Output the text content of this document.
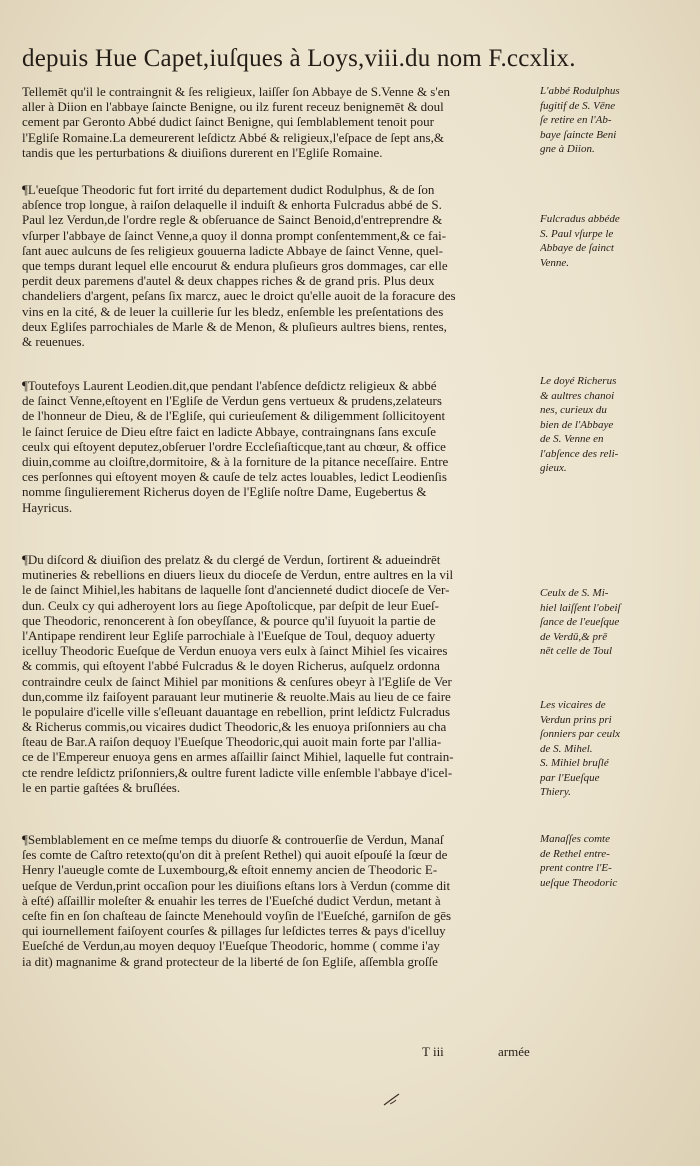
depuis Hue Capet,iuſques à Loys,viii.du nom F.ccxlix.
Tellemēt qu'il le contraingnit & ſes religieux, laiſſer ſon Abbaye de S.Venne & s'en
aller à Diion en l'abbaye ſaincte Benigne, ou ilz furent receuz benignemēt & doul
cement par Geronto Abbé dudict ſainct Benigne, qui ſemblablement tenoit pour
l'Egliſe Romaine.La demeurerent leſdictz Abbé & religieux,l'eſpace de ſept ans,&
tandis que les perturbations & diuiſions durerent en l'Egliſe Romaine.
¶L'eueſque Theodoric fut fort irrité du departement dudict Rodulphus, & de ſon
abſence trop longue, à raiſon delaquelle il induiſt & enhorta Fulcradus abbé de S.
Paul lez Verdun,de l'ordre regle & obſeruance de Sainct Benoid,d'entreprendre &
vſurper l'abbaye de ſainct Venne,a quoy il donna prompt conſentemment,& ce fai-
ſant auec aulcuns de ſes religieux gouuerna ladicte Abbaye de ſainct Venne, quel-
que temps durant lequel elle encourut & endura pluſieurs gros dommages, car elle
perdit deux paremens d'autel & deux chappes riches & de grand pris. Plus deux
chandeliers d'argent, peſans ſix marcz, auec le droict qu'elle auoit de la foracure des
vins en la cité, & de leuer la cuillerie ſur les bledz, enſemble les preſentations des
deux Egliſes parrochiales de Marle & de Menon, & pluſieurs aultres biens, rentes,
& reuenues.
¶Toutefoys Laurent Leodien.dit,que pendant l'abſence deſdictz religieux & abbé
de ſainct Venne,eſtoyent en l'Egliſe de Verdun gens vertueux & prudens,zelateurs
de l'honneur de Dieu, & de l'Egliſe, qui curieuſement & diligemment ſollicitoyent
le ſainct ſeruice de Dieu eſtre faict en ladicte Abbaye, contraingnans ſans excuſe
ceulx qui eſtoyent deputez,obſeruer l'ordre Eccleſiaſticque,tant au chœur, & office
diuin,comme au cloiſtre,dormitoire, & à la forniture de la pitance neceſſaire. Entre
ces perſonnes qui eſtoyent moyen & cauſe de telz actes louables, ledict Leodienſis
nomme ſingulierement Richerus doyen de l'Egliſe noſtre Dame, Eugebertus &
Hayricus.
¶Du diſcord & diuiſion des prelatz & du clergé de Verdun, ſortirent & adueindrēt
mutineries & rebellions en diuers lieux du dioceſe de Verdun, entre aultres en la vil
le de ſainct Mihiel,les habitans de laquelle ſont d'ancienneté dudict dioceſe de Ver-
dun. Ceulx cy qui adheroyent lors au ſiege Apoſtolicque, par deſpit de leur Eueſ-
que Theodoric, renoncerent à ſon obeyſſance, & pource qu'il ſuyuoit la partie de
l'Antipape rendirent leur Egliſe parrochiale à l'Eueſque de Toul, dequoy aduerty
icelluy Theodoric Eueſque de Verdun enuoya vers eulx à ſainct Mihiel ſes vicaires
& commis, qui eſtoyent l'abbé Fulcradus & le doyen Richerus, auſquelz ordonna
contraindre ceulx de ſainct Mihiel par monitions & cenſures obeyr à l'Egliſe de Ver
dun,comme ilz faiſoyent parauant leur mutinerie & reuolte.Mais au lieu de ce faire
le populaire d'icelle ville s'eſleuant dauantage en rebellion, print leſdictz Fulcradus
& Richerus commis,ou vicaires dudict Theodoric,& les enuoya priſonniers au cha
ſteau de Bar.A raiſon dequoy l'Eueſque Theodoric,qui auoit main forte par l'allia-
ce de l'Empereur enuoya gens en armes aſſaillir ſainct Mihiel, laquelle fut contrain-
cte rendre leſdictz priſonniers,& oultre furent ladicte ville enſemble l'abbaye d'icel-
le en partie gaſtées & bruſlées.
¶Semblablement en ce meſme temps du diuorſe & controuerſie de Verdun, Manaſ
ſes comte de Caſtro retexto(qu'on dit à preſent Rethel) qui auoit eſpouſé la ſœur de
Henry l'aueugle comte de Luxembourg,& eſtoit ennemy ancien de Theodoric E-
ueſque de Verdun,print occaſion pour les diuiſions eſtans lors à Verdun (comme dit
à eſté) aſſaillir moleſter & enuahir les terres de l'Eueſché dudict Verdun, metant à
ceſte fin en ſon chaſteau de ſaincte Menehould voyſin de l'Eueſché, garniſon de gēs
qui iournellement faiſoyent courſes & pillages ſur leſdictes terres & pays d'icelluy
Eueſché de Verdun,au moyen dequoy l'Eueſque Theodoric, homme ( comme i'ay
ia dit) magnanime & grand protecteur de la liberté de ſon Egliſe, aſſembla groſſe
L'abbé Rodulphus
fugitif de S. Vēne
ſe retire en l'Ab-
baye ſaincte Beni
gne à Diion.
Fulcradus abbéde
S. Paul vſurpe le
Abbaye de ſainct
Venne.
Le doyé Richerus
& aultres chanoi
nes, curieux du
bien de l'Abbaye
de S. Venne en
l'abſence des reli-
gieux.
Ceulx de S. Mi-
hiel laiſſent l'obeiſ
ſance de l'eueſque
de Verdū,& prē
nēt celle de Toul
Les vicaires de
Verdun prins pri
ſonniers par ceulx
de S. Mihel.
S. Mihiel bruſlé
par l'Eueſque
Thiery.
Manaſſes comte
de Rethel entre-
prent contre l'E-
ueſque Theodoric
T iii	armée
